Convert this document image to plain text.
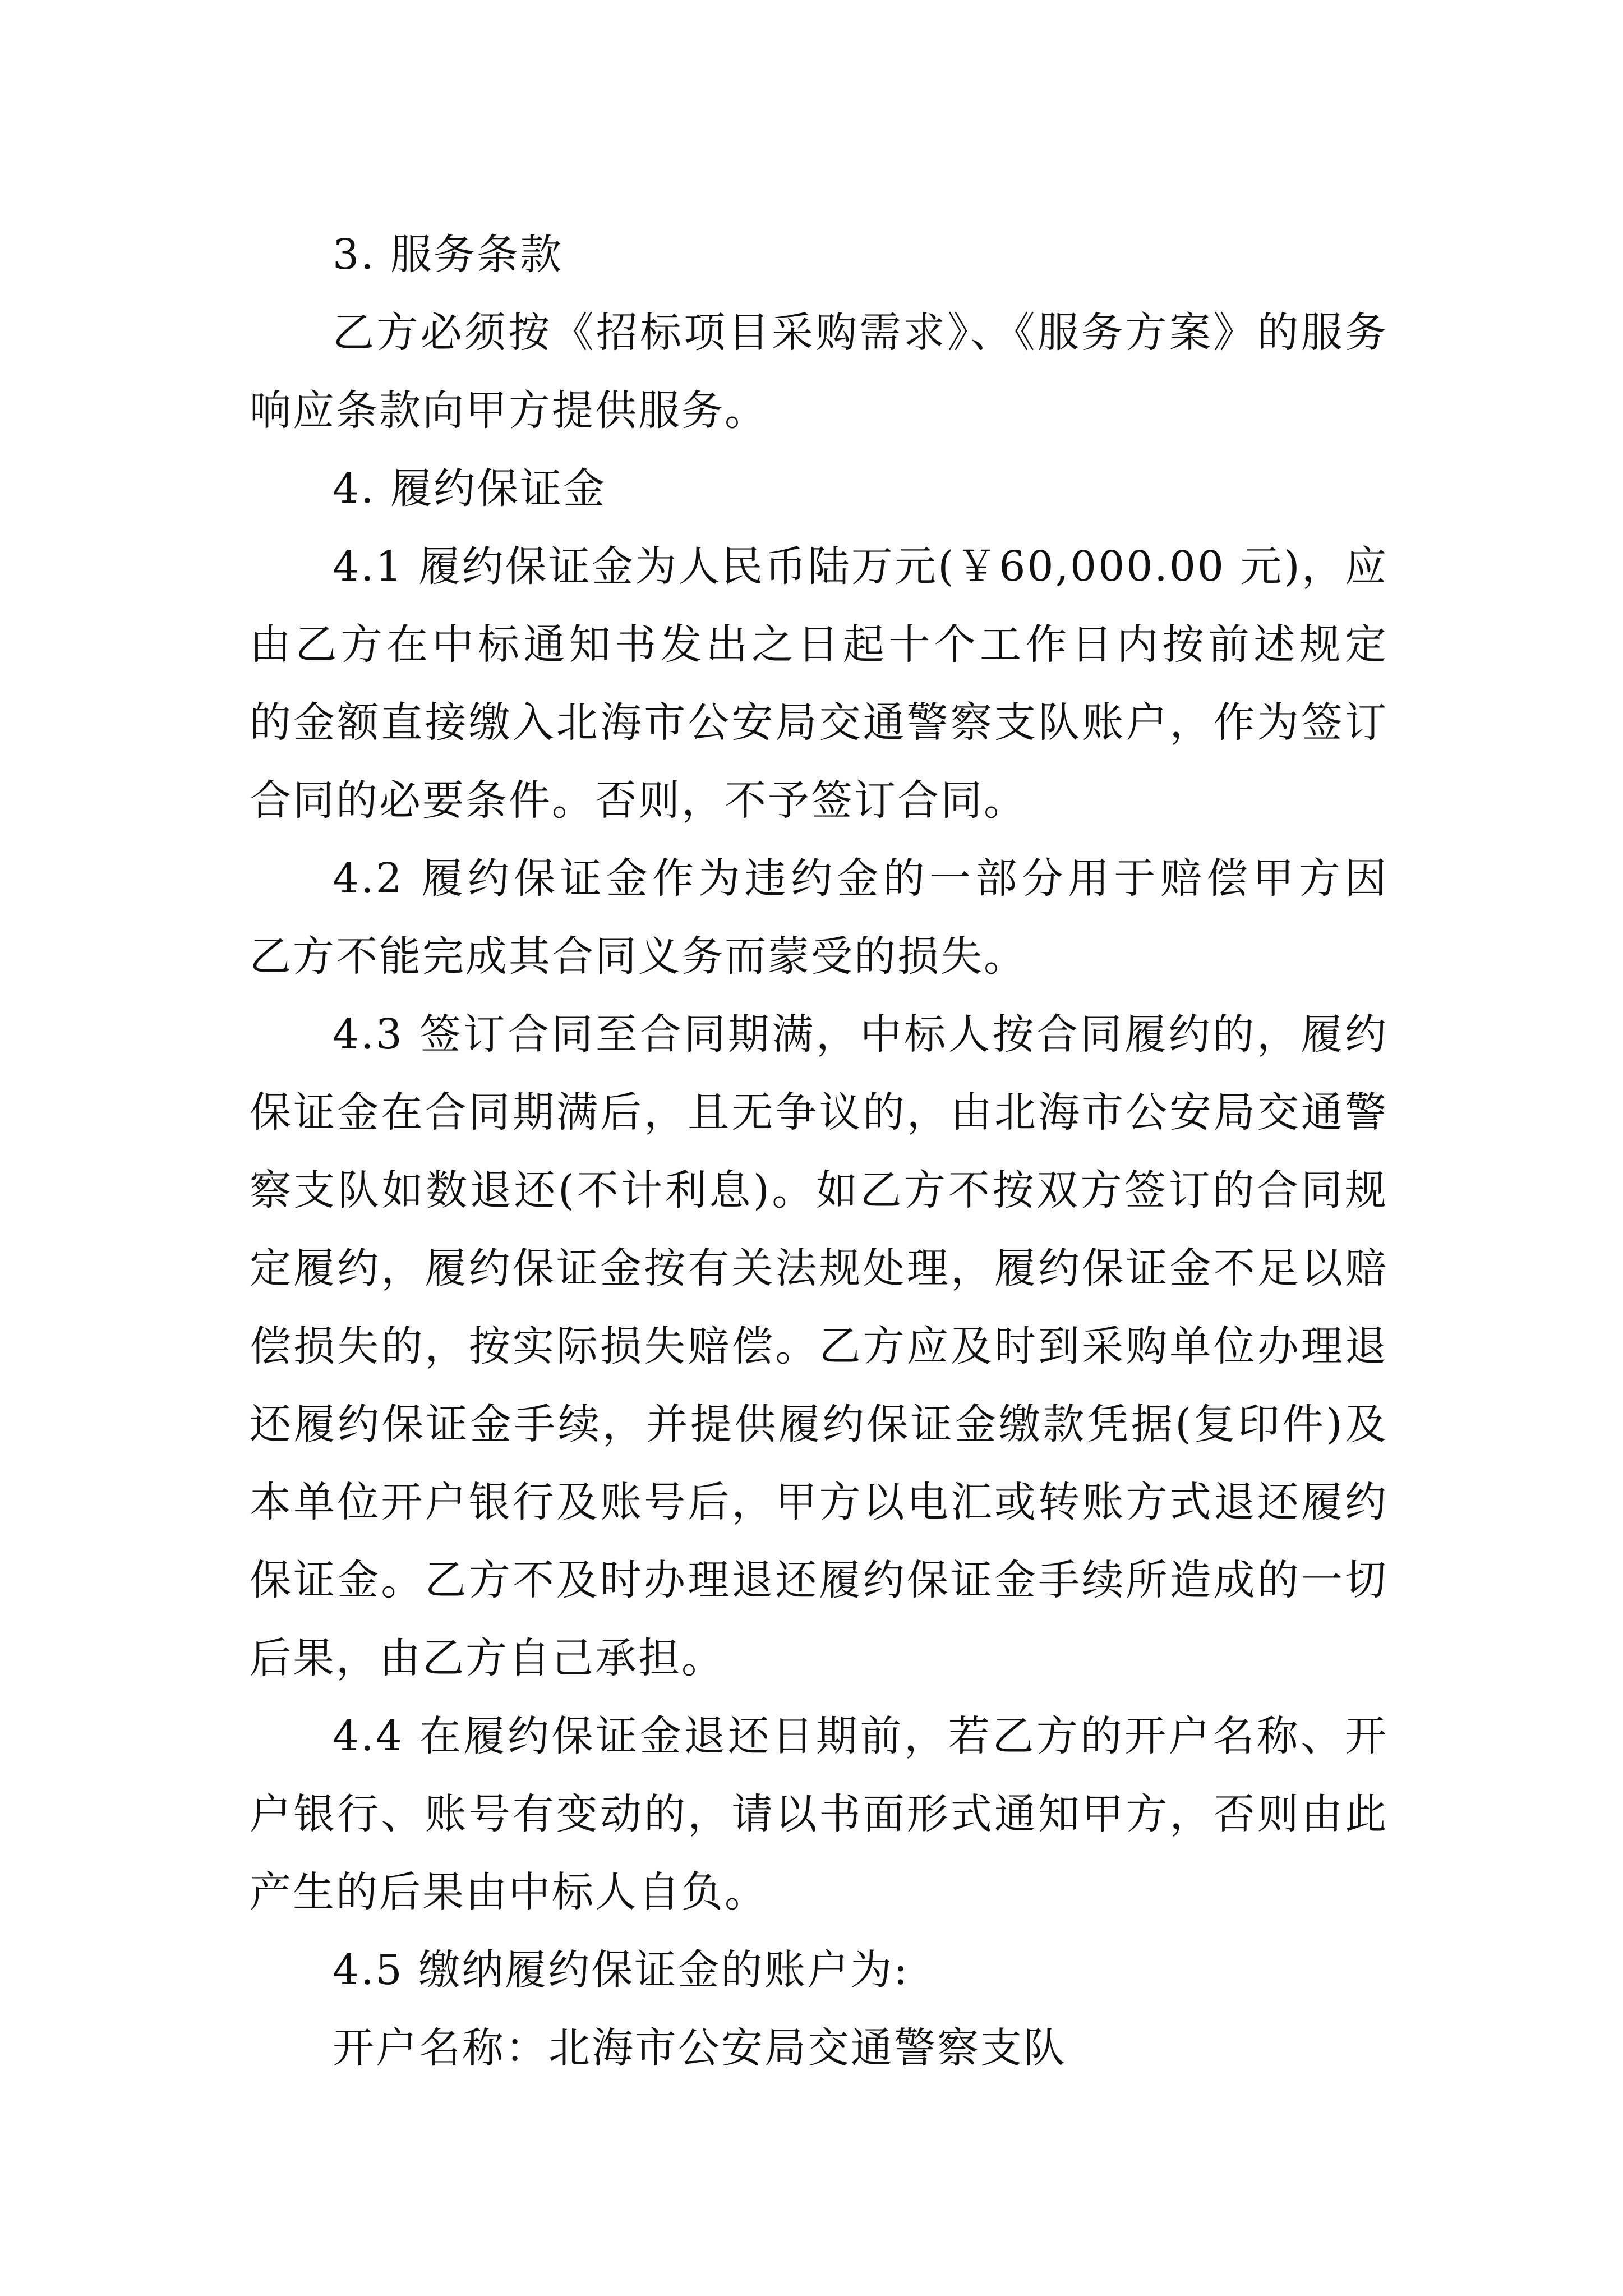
3. 服务条款
乙方必须按《招标项目采购需求》、《服务方案》的服务
响应条款向甲方提供服务。
4. 履约保证金
4.1 履约保证金为人民币陆万元(￥60,000.00 元)，应
由乙方在中标通知书发出之日起十个工作日内按前述规定
的金额直接缴入北海市公安局交通警察支队账户，作为签订
合同的必要条件。否则，不予签订合同。
4.2 履约保证金作为违约金的一部分用于赔偿甲方因
乙方不能完成其合同义务而蒙受的损失。
4.3 签订合同至合同期满，中标人按合同履约的，履约
保证金在合同期满后，且无争议的，由北海市公安局交通警
察支队如数退还(不计利息)。如乙方不按双方签订的合同规
定履约，履约保证金按有关法规处理，履约保证金不足以赔
偿损失的，按实际损失赔偿。乙方应及时到采购单位办理退
还履约保证金手续，并提供履约保证金缴款凭据(复印件)及
本单位开户银行及账号后，甲方以电汇或转账方式退还履约
保证金。乙方不及时办理退还履约保证金手续所造成的一切
后果，由乙方自己承担。
4.4 在履约保证金退还日期前，若乙方的开户名称、开
户银行、账号有变动的，请以书面形式通知甲方，否则由此
产生的后果由中标人自负。
4.5 缴纳履约保证金的账户为:
开户名称：北海市公安局交通警察支队
